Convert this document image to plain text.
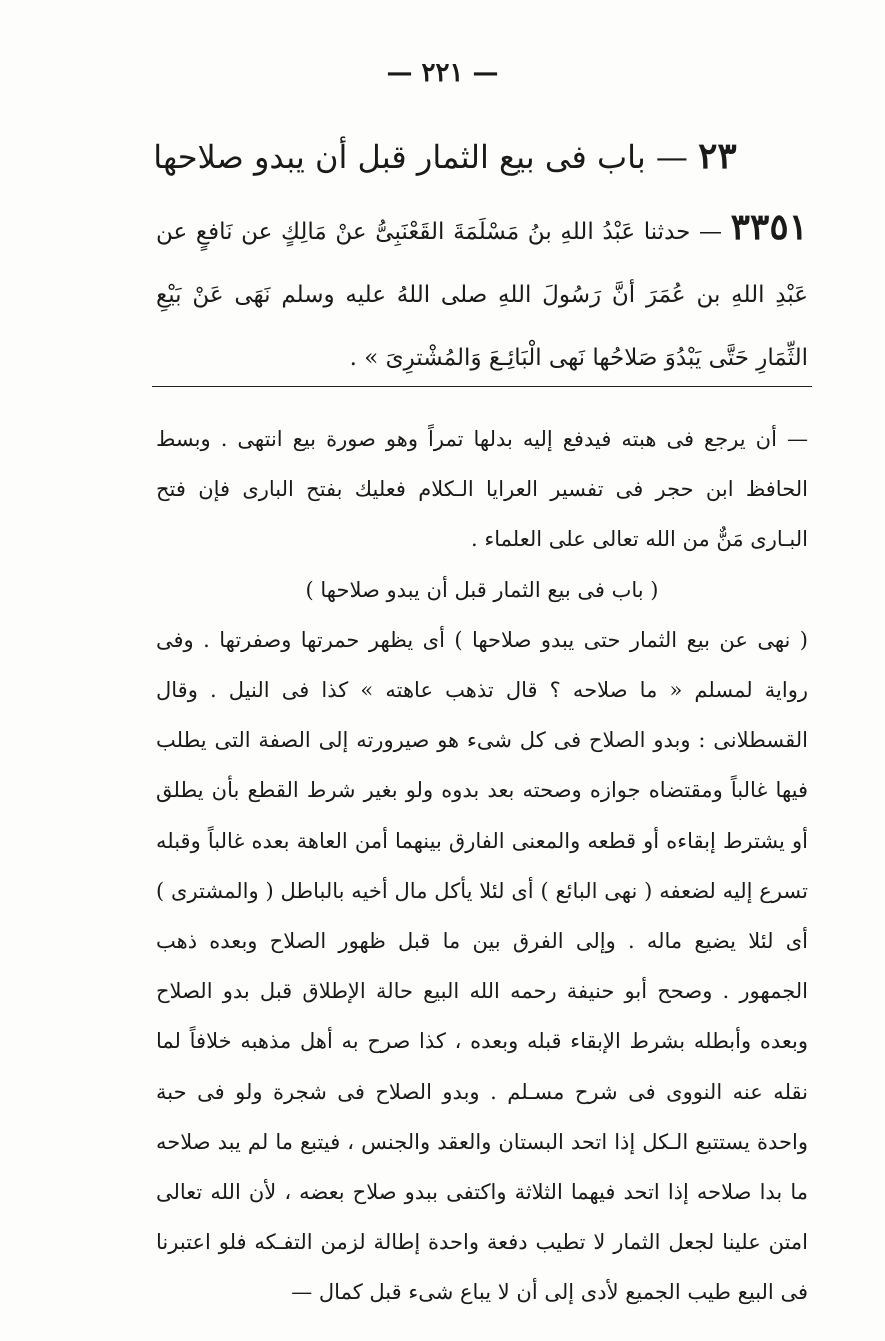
— ٢٢١ —
٢٣ — باب فى بيع الثمار قبل أن يبدو صلاحها
٣٣٥١ — حدثنا عَبْدُ اللهِ بنُ مَسْلَمَةَ القَعْنَبِىُّ عنْ مَالِكٍ عن نَافعٍ عن عَبْدِ اللهِ بن عُمَرَ أنَّ رَسُولَ اللهِ صلى اللهُ عليه وسلم نَهَى عَنْ بَيْعِ الثِّمَارِ حَتَّى يَبْدُوَ صَلاحُها نَهى الْبَائِـعَ وَالمُشْترِىَ » .

— أن يرجع فى هبته فيدفع إليه بدلها تمراً وهو صورة بيع انتهى . وبسط الحافظ ابن حجر فى تفسير العرايا الـكلام فعليك بفتح البارى فإن فتح البـارى مَنٌّ من الله تعالى على العلماء .

( باب فى بيع الثمار قبل أن يبدو صلاحها )

( نهى عن بيع الثمار حتى يبدو صلاحها ) أى يظهر حمرتها وصفرتها . وفى رواية لمسلم « ما صلاحه ؟ قال تذهب عاهته » كذا فى النيل . وقال القسطلانى : وبدو الصلاح فى كل شىء هو صيرورته إلى الصفة التى يطلب فيها غالباً ومقتضاه جوازه وصحته بعد بدوه ولو بغير شرط القطع بأن يطلق أو يشترط إبقاءه أو قطعه والمعنى الفارق بينهما أمن العاهة بعده غالباً وقبله تسرع إليه لضعفه ( نهى البائع ) أى لئلا يأكل مال أخيه بالباطل ( والمشترى ) أى لئلا يضيع ماله . وإلى الفرق بين ما قبل ظهور الصلاح وبعده ذهب الجمهور . وصحح أبو حنيفة رحمه الله البيع حالة الإطلاق قبل بدو الصلاح وبعده وأبطله بشرط الإبقاء قبله وبعده ، كذا صرح به أهل مذهبه خلافاً لما نقله عنه النووى فى شرح مسـلم . وبدو الصلاح فى شجرة ولو فى حبة واحدة يستتبع الـكل إذا اتحد البستان والعقد والجنس ، فيتبع ما لم يبد صلاحه ما بدا صلاحه إذا اتحد فيهما الثلاثة واكتفى ببدو صلاح بعضه ، لأن الله تعالى امتن علينا لجعل الثمار لا تطيب دفعة واحدة إطالة لزمن التفـكه فلو اعتبرنا فى البيع طيب الجميع لأدى إلى أن لا يباع شىء قبل كمال —
